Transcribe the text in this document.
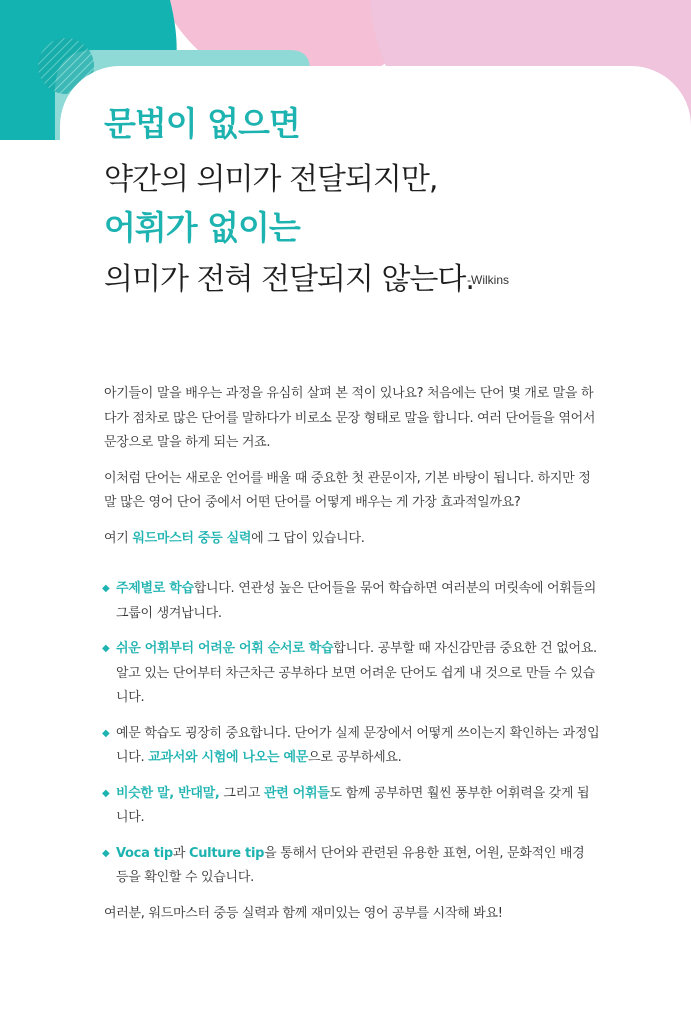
문법이 없으면

약간의 의미가 전달되지만,

어휘가 없이는

의미가 전혀 전달되지 않는다.

-Wilkins

아기들이 말을 배우는 과정을 유심히 살펴 본 적이 있나요? 처음에는 단어 몇 개로 말을 하다가 점차로 많은 단어를 말하다가 비로소 문장 형태로 말을 합니다. 여러 단어들을 엮어서 문장으로 말을 하게 되는 거죠.

이처럼 단어는 새로운 언어를 배울 때 중요한 첫 관문이자, 기본 바탕이 됩니다. 하지만 정말 많은 영어 단어 중에서 어떤 단어를 어떻게 배우는 게 가장 효과적일까요?

여기 워드마스터 중등 실력에 그 답이 있습니다.

◆ 주제별로 학습합니다. 연관성 높은 단어들을 묶어 학습하면 여러분의 머릿속에 어휘들의 그룹이 생겨납니다.
◆ 쉬운 어휘부터 어려운 어휘 순서로 학습합니다. 공부할 때 자신감만큼 중요한 건 없어요. 알고 있는 단어부터 차근차근 공부하다 보면 어려운 단어도 쉽게 내 것으로 만들 수 있습니다.
◆ 예문 학습도 굉장히 중요합니다. 단어가 실제 문장에서 어떻게 쓰이는지 확인하는 과정입니다. 교과서와 시험에 나오는 예문으로 공부하세요.
◆ 비슷한 말, 반대말, 그리고 관련 어휘들도 함께 공부하면 훨씬 풍부한 어휘력을 갖게 됩니다.
◆ Voca tip과 Culture tip을 통해서 단어와 관련된 유용한 표현, 어원, 문화적인 배경 등을 확인할 수 있습니다.

여러분, 워드마스터 중등 실력과 함께 재미있는 영어 공부를 시작해 봐요!
